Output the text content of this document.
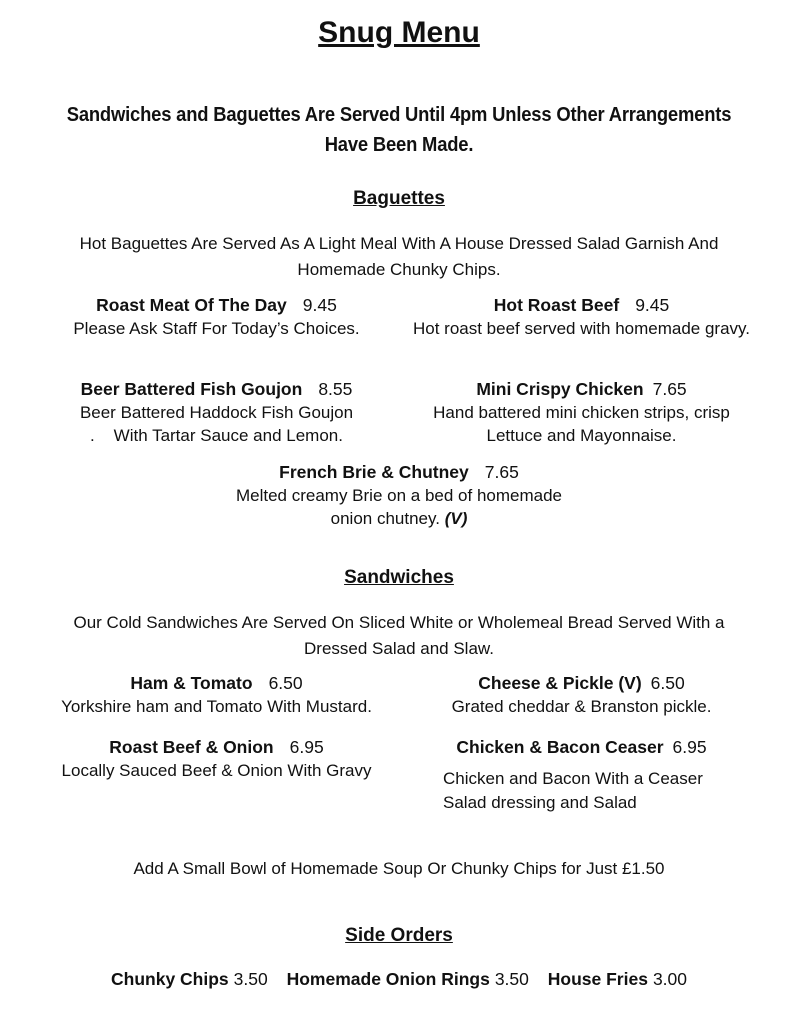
Snug Menu
Sandwiches and Baguettes Are Served Until 4pm Unless Other Arrangements
Have Been Made.
Baguettes
Hot Baguettes Are Served As A Light Meal With A House Dressed Salad Garnish And
Homemade Chunky Chips.
Roast Meat Of The Day 9.45
Please Ask Staff For Today’s Choices.
Hot Roast Beef 9.45
Hot roast beef served with homemade gravy.
Beer Battered Fish Goujon 8.55
Beer Battered Haddock Fish Goujon
.    With Tartar Sauce and Lemon.
Mini Crispy Chicken 7.65
Hand battered mini chicken strips, crisp
Lettuce and Mayonnaise.
French Brie & Chutney 7.65
Melted creamy Brie on a bed of homemade
onion chutney. (V)
Sandwiches
Our Cold Sandwiches Are Served On Sliced White or Wholemeal Bread Served With a
Dressed Salad and Slaw.
Ham & Tomato 6.50
Yorkshire ham and Tomato With Mustard.
Cheese & Pickle (V) 6.50
Grated cheddar & Branston pickle.
Roast Beef & Onion 6.95
Locally Sauced Beef & Onion With Gravy
Chicken & Bacon Ceaser 6.95
Chicken and Bacon With a Ceaser
Salad dressing and Salad
Add A Small Bowl of Homemade Soup Or Chunky Chips for Just £1.50
Side Orders
Chunky Chips 3.50 Homemade Onion Rings 3.50 House Fries 3.00
